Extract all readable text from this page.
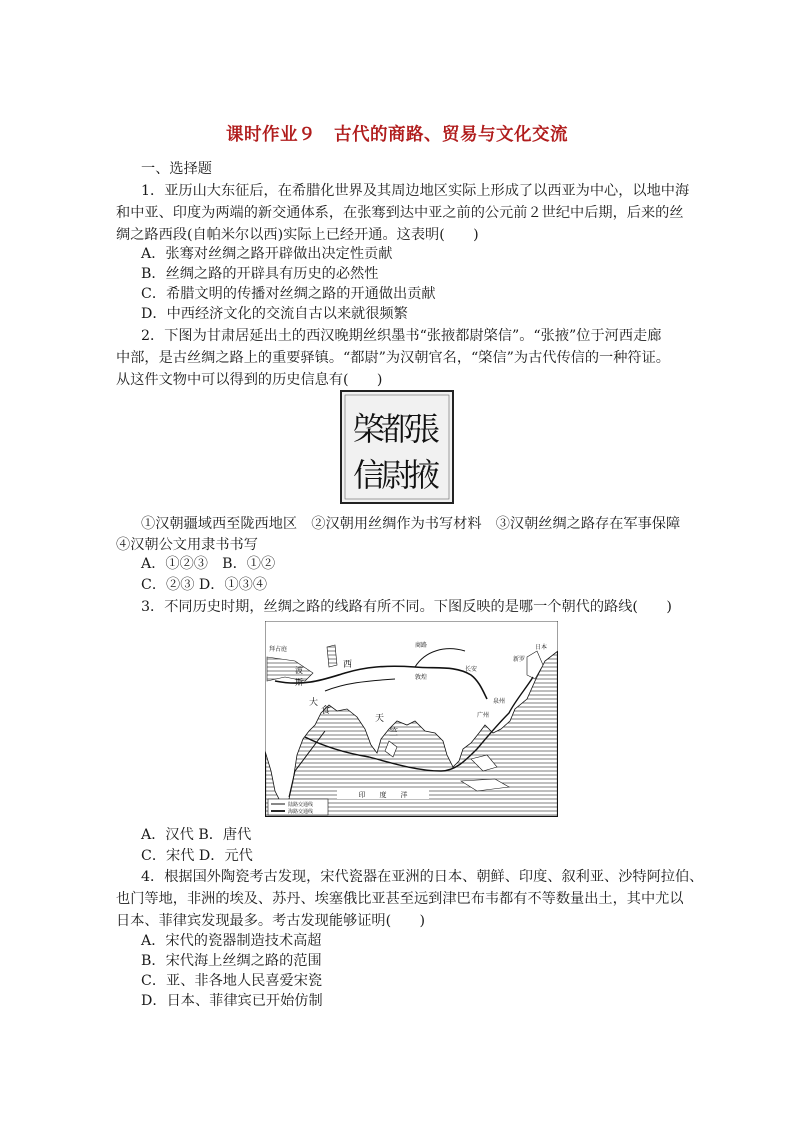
课时作业９　古代的商路、贸易与文化交流
一、选择题
1．亚历山大东征后，在希腊化世界及其周边地区实际上形成了以西亚为中心，以地中海
和中亚、印度为两端的新交通体系，在张骞到达中亚之前的公元前２世纪中后期，后来的丝
绸之路西段(自帕米尔以西)实际上已经开通。这表明(　　)
A．张骞对丝绸之路开辟做出决定性贡献
B．丝绸之路的开辟具有历史的必然性
C．希腊文明的传播对丝绸之路的开通做出贡献
D．中西经济文化的交流自古以来就很频繁
2．下图为甘肃居延出土的西汉晚期丝织墨书“张掖都尉棨信”。“张掖”位于河西走廊
中部，是古丝绸之路上的重要驿镇。“都尉”为汉朝官名，“棨信”为古代传信的一种符证。
从这件文物中可以得到的历史信息有(　　)
張
掖
都
尉
棨
信
①汉朝疆域西至陇西地区　②汉朝用丝绸作为书写材料　③汉朝丝绸之路存在军事保障
④汉朝公文用隶书书写
A．①②③　B．①②
C．②③ D．①③④
3．不同历史时期，丝绸之路的线路有所不同。下图反映的是哪一个朝代的路线(　　)
西
商路
敦煌
长安
天
竺
大
食
波
斯
拜占庭
新罗
日本
广州
泉州
印　　度　　洋
陆路交通线
海路交通线
A．汉代 B．唐代
C．宋代 D．元代
4．根据国外陶瓷考古发现，宋代瓷器在亚洲的日本、朝鲜、印度、叙利亚、沙特阿拉伯、
也门等地，非洲的埃及、苏丹、埃塞俄比亚甚至远到津巴布韦都有不等数量出土，其中尤以
日本、菲律宾发现最多。考古发现能够证明(　　)
A．宋代的瓷器制造技术高超
B．宋代海上丝绸之路的范围
C．亚、非各地人民喜爱宋瓷
D．日本、菲律宾已开始仿制
